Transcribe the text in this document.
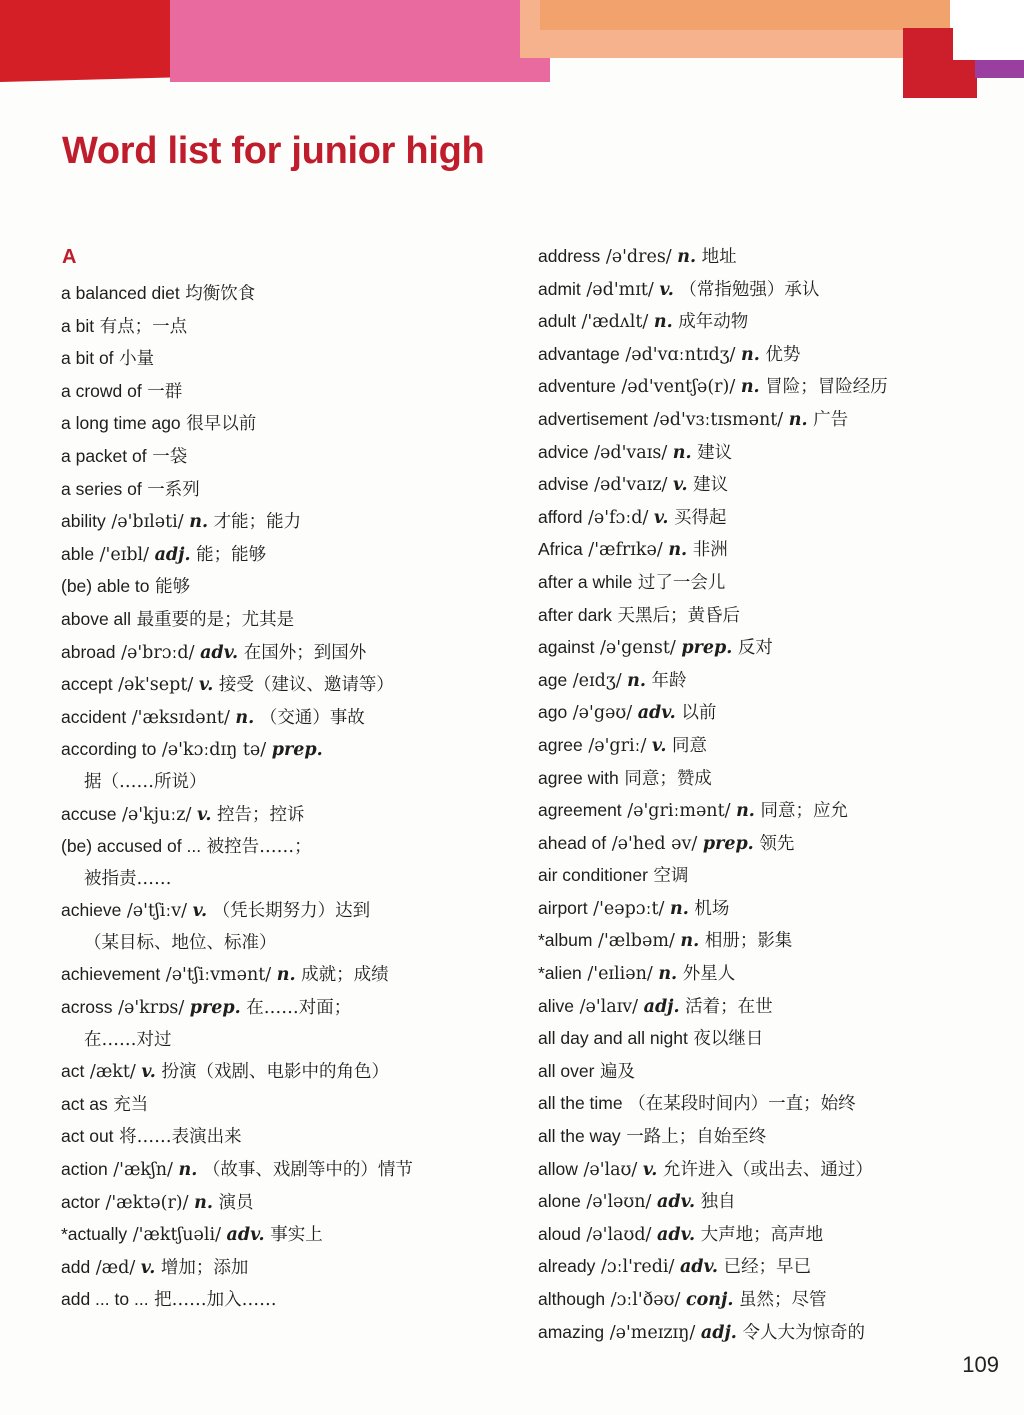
Word list for junior high
A
a balanced diet 均衡饮食
a bit 有点；一点
a bit of 小量
a crowd of 一群
a long time ago 很早以前
a packet of 一袋
a series of 一系列
ability /ə'bɪləti/ n. 才能；能力
able /'eɪbl/ adj. 能；能够
(be) able to 能够
above all 最重要的是；尤其是
abroad /ə'brɔːd/ adv. 在国外；到国外
accept /ək'sept/ v. 接受（建议、邀请等）
accident /'æksɪdənt/ n. （交通）事故
according to /ə'kɔːdɪŋ tə/ prep.
据（……所说）
accuse /ə'kjuːz/ v. 控告；控诉
(be) accused of ... 被控告……；
被指责……
achieve /ə'tʃiːv/ v. （凭长期努力）达到
（某目标、地位、标准）
achievement /ə'tʃiːvmənt/ n. 成就；成绩
across /ə'krɒs/ prep. 在……对面；
在……对过
act /ækt/ v. 扮演（戏剧、电影中的角色）
act as 充当
act out 将……表演出来
action /'ækʃn/ n. （故事、戏剧等中的）情节
actor /'æktə(r)/ n. 演员
*actually /'æktʃuəli/ adv. 事实上
add /æd/ v. 增加；添加
add ... to ... 把……加入……
address /ə'dres/ n. 地址
admit /əd'mɪt/ v. （常指勉强）承认
adult /'ædʌlt/ n. 成年动物
advantage /əd'vɑːntɪdʒ/ n. 优势
adventure /əd'ventʃə(r)/ n. 冒险；冒险经历
advertisement /əd'vɜːtɪsmənt/ n. 广告
advice /əd'vaɪs/ n. 建议
advise /əd'vaɪz/ v. 建议
afford /ə'fɔːd/ v. 买得起
Africa /'æfrɪkə/ n. 非洲
after a while 过了一会儿
after dark 天黑后；黄昏后
against /ə'genst/ prep. 反对
age /eɪdʒ/ n. 年龄
ago /ə'gəʊ/ adv. 以前
agree /ə'griː/ v. 同意
agree with 同意；赞成
agreement /ə'griːmənt/ n. 同意；应允
ahead of /ə'hed əv/ prep. 领先
air conditioner 空调
airport /'eəpɔːt/ n. 机场
*album /'ælbəm/ n. 相册；影集
*alien /'eɪliən/ n. 外星人
alive /ə'laɪv/ adj. 活着；在世
all day and all night 夜以继日
all over 遍及
all the time （在某段时间内）一直；始终
all the way 一路上；自始至终
allow /ə'laʊ/ v. 允许进入（或出去、通过）
alone /ə'ləʊn/ adv. 独自
aloud /ə'laʊd/ adv. 大声地；高声地
already /ɔːl'redi/ adv. 已经；早已
although /ɔːl'ðəʊ/ conj. 虽然；尽管
amazing /ə'meɪzɪŋ/ adj. 令人大为惊奇的
109
